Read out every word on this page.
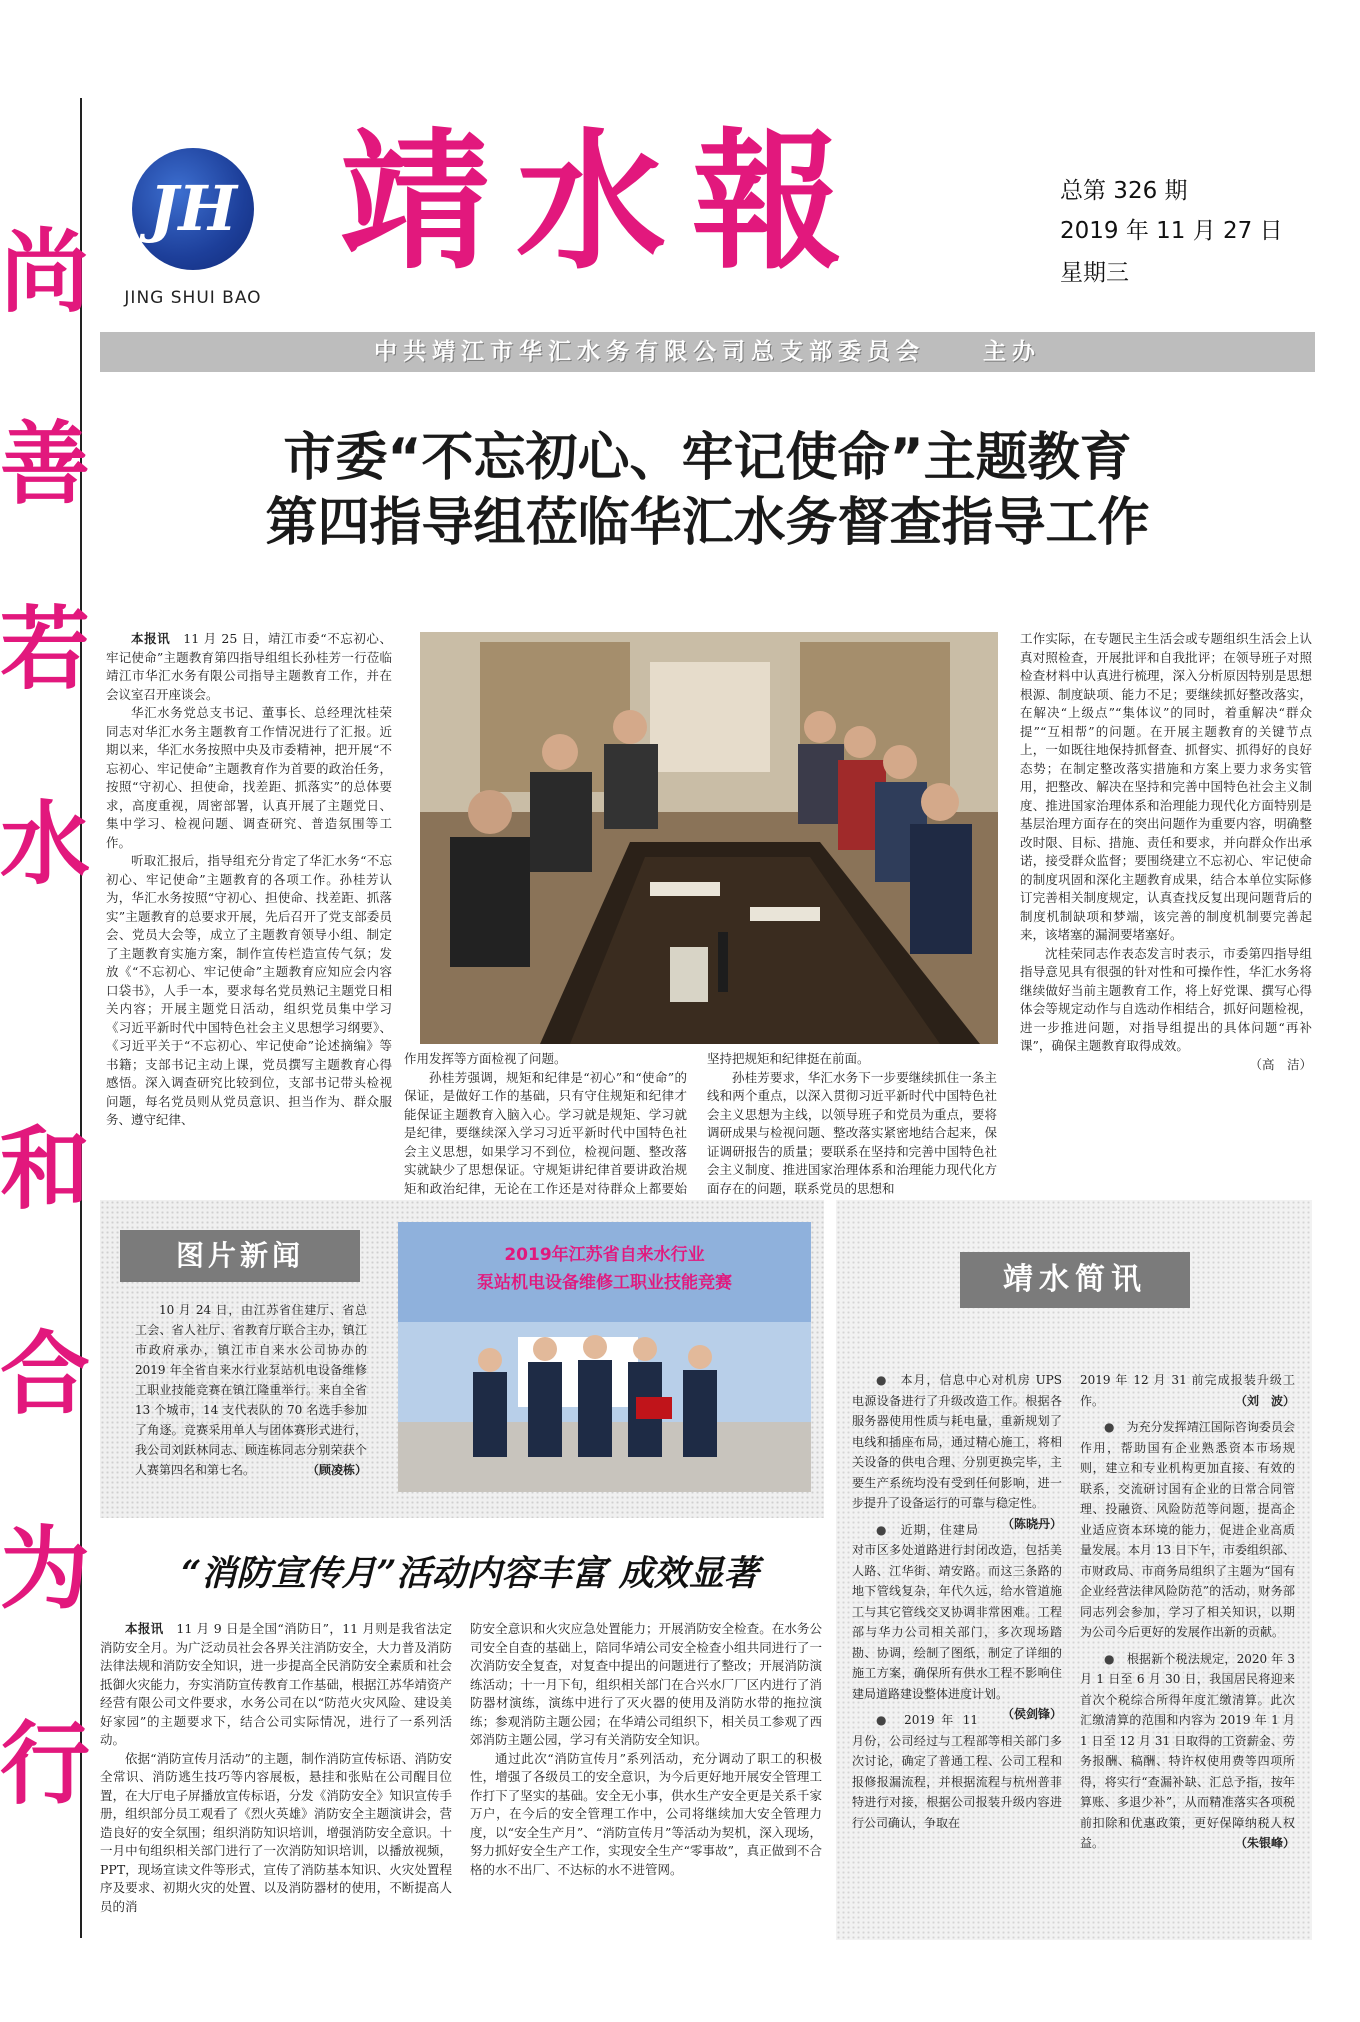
尚
善
若
水
和
合
为
行
JH
JING SHUI BAO
靖水報	总第 326 期
2019 年 11 月 27 日
星期三
中共靖江市华汇水务有限公司总支部委员会　　主办
市委“不忘初心、牢记使命”主题教育
第四指导组莅临华汇水务督查指导工作

本报讯　 11 月 25 日，靖江市委“不忘初心、牢记使命”主题教育第四指导组组长孙桂芳一行莅临靖江市华汇水务有限公司指导主题教育工作，并在会议室召开座谈会。

华汇水务党总支书记、董事长、总经理沈桂荣同志对华汇水务主题教育工作情况进行了汇报。近期以来，华汇水务按照中央及市委精神，把开展“不忘初心、牢记使命”主题教育作为首要的政治任务，按照“守初心、担使命，找差距、抓落实”的总体要求，高度重视，周密部署，认真开展了主题党日、集中学习、检视问题、调查研究、普造氛围等工作。

听取汇报后，指导组充分肯定了华汇水务“不忘初心、牢记使命”主题教育的各项工作。孙桂芳认为，华汇水务按照“守初心、担使命、找差距、抓落实”主题教育的总要求开展，先后召开了党支部委员会、党员大会等，成立了主题教育领导小组、制定了主题教育实施方案，制作宣传栏造宣传气氛；发放《“不忘初心、牢记使命”主题教育应知应会内容口袋书》，人手一本，要求每名党员熟记主题党日相关内容；开展主题党日活动，组织党员集中学习《习近平新时代中国特色社会主义思想学习纲要》、《习近平关于“不忘初心、牢记使命”论述摘编》等书籍；支部书记主动上课，党员撰写主题教育心得感悟。深入调查研究比较到位，支部书记带头检视问题，每名党员则从党员意识、担当作为、群众服务、遵守纪律、

作用发挥等方面检视了问题。

孙桂芳强调，规矩和纪律是“初心”和“使命”的保证，是做好工作的基础，只有守住规矩和纪律才能保证主题教育入脑入心。学习就是规矩、学习就是纪律，要继续深入学习习近平新时代中国特色社会主义思想，如果学习不到位，检视问题、整改落实就缺少了思想保证。守规矩讲纪律首要讲政治规矩和政治纪律，无论在工作还是对待群众上都要始

坚持把规矩和纪律挺在前面。

孙桂芳要求，华汇水务下一步要继续抓住一条主线和两个重点，以深入贯彻习近平新时代中国特色社会主义思想为主线，以领导班子和党员为重点，要将调研成果与检视问题、整改落实紧密地结合起来，保证调研报告的质量；要联系在坚持和完善中国特色社会主义制度、推进国家治理体系和治理能力现代化方面存在的问题，联系党员的思想和

工作实际，在专题民主生活会或专题组织生活会上认真对照检查，开展批评和自我批评；在领导班子对照检查材料中认真进行梳理，深入分析原因特别是思想根源、制度缺项、能力不足；要继续抓好整改落实，在解决“上级点”“集体议”的同时，着重解决“群众提”“互相帮”的问题。在开展主题教育的关键节点上，一如既往地保持抓督查、抓督实、抓得好的良好态势；在制定整改落实措施和方案上要力求务实管用，把整改、解决在坚持和完善中国特色社会主义制度、推进国家治理体系和治理能力现代化方面特别是基层治理方面存在的突出问题作为重要内容，明确整改时限、目标、措施、责任和要求，并向群众作出承诺，接受群众监督；要围绕建立不忘初心、牢记使命的制度巩固和深化主题教育成果，结合本单位实际修订完善相关制度规定，认真查找反复出现问题背后的制度机制缺项和梦端，该完善的制度机制要完善起来，该堵塞的漏洞要堵塞好。

沈桂荣同志作表态发言时表示，市委第四指导组指导意见具有很强的针对性和可操作性，华汇水务将继续做好当前主题教育工作，将上好党课、撰写心得体会等规定动作与自选动作相结合，抓好问题检视，进一步推进问题，对指导组提出的具体问题“再补课”，确保主题教育取得成效。

（高　洁）

图片新闻
10 月 24 日，由江苏省住建厅、省总工会、省人社厅、省教育厅联合主办，镇江市政府承办，镇江市自来水公司协办的 2019 年全省自来水行业泵站机电设备维修工职业技能竞赛在镇江隆重举行。来自全省 13 个城市，14 支代表队的 70 名选手参加了角逐。竞赛采用单人与团体赛形式进行，我公司刘跃林同志、顾连栋同志分别荣获个人赛第四名和第七名。	（顾凌栋）
2019年江苏省自来水行业
泵站机电设备维修工职业技能竞赛	靖水简讯

●　本月，信息中心对机房 UPS 电源设备进行了升级改造工作。根据各服务器使用性质与耗电量，重新规划了电线和插座布局，通过精心施工，将相关设备的供电合理、分别更换完毕，主要生产系统均没有受到任何影响，进一步提升了设备运行的可靠与稳定性。
（陈晓丹）

●　近期，住建局对市区多处道路进行封闭改造，包括美人路、江华街、靖安路。而这三条路的地下管线复杂，年代久远，给水管道施工与其它管线交叉协调非常困难。工程部与华力公司相关部门，多次现场踏勘、协调，绘制了图纸，制定了详细的施工方案，确保所有供水工程不影响住建局道路建设整体进度计划。
（侯剑锋）

●　2019 年 11 月份，公司经过与工程部等相关部门多次讨论，确定了普通工程、公司工程和报修报漏流程，并根据流程与杭州普菲特进行对接，根据公司报装升级内容进行公司确认，争取在

2019 年 12 月 31 前完成报装升级工作。	（刘　波）

●　为充分发挥靖江国际咨询委员会作用，帮助国有企业熟悉资本市场规则，建立和专业机构更加直接、有效的联系，交流研讨国有企业的日常合同管理、投融资、风险防范等问题，提高企业适应资本环境的能力，促进企业高质量发展。本月 13 日下午，市委组织部、市财政局、市商务局组织了主题为“国有企业经营法律风险防范”的活动，财务部同志列会参加，学习了相关知识，以期为公司今后更好的发展作出新的贡献。

●　根据新个税法规定，2020 年 3 月 1 日至 6 月 30 日，我国居民将迎来首次个税综合所得年度汇缴清算。此次汇缴清算的范围和内容为 2019 年 1 月 1 日至 12 月 31 日取得的工资薪金、劳务报酬、稿酬、特许权使用费等四项所得，将实行“查漏补缺、汇总予指，按年算账、多退少补”，从而精准落实各项税前扣除和优惠政策，更好保障纳税人权益。	（朱银峰）

“消防宣传月”活动内容丰富 成效显著

本报讯　 11 月 9 日是全国“消防日”，11 月则是我省法定消防安全月。为广泛动员社会各界关注消防安全，大力普及消防法律法规和消防安全知识，进一步提高全民消防安全素质和社会抵御火灾能力，夯实消防宣传教育工作基础，根据江苏华靖资产经营有限公司文件要求，水务公司在以“防范火灾风险、建设美好家园”的主题要求下，结合公司实际情况，进行了一系列活动。

依据“消防宣传月活动”的主题，制作消防宣传标语、消防安全常识、消防逃生技巧等内容展板，悬挂和张贴在公司醒目位置，在大厅电子屏播放宣传标语，分发《消防安全》知识宣传手册，组织部分员工观看了《烈火英雄》消防安全主题演讲会，营造良好的安全氛围；组织消防知识培训，增强消防安全意识。十一月中旬组织相关部门进行了一次消防知识培训，以播放视频，PPT，现场宣读文件等形式，宣传了消防基本知识、火灾处置程序及要求、初期火灾的处置、以及消防器材的使用，不断提高人员的消

防安全意识和火灾应急处置能力；开展消防安全检查。在水务公司安全自查的基础上，陪同华靖公司安全检查小组共同进行了一次消防安全复查，对复查中提出的问题进行了整改；开展消防演练活动；十一月下旬，组织相关部门在合兴水厂厂区内进行了消防器材演练，演练中进行了灭火器的使用及消防水带的拖拉演练；参观消防主题公园；在华靖公司组织下，相关员工参观了西郊消防主题公园，学习有关消防安全知识。

通过此次“消防宣传月”系列活动，充分调动了职工的积极性，增强了各级员工的安全意识，为今后更好地开展安全管理工作打下了坚实的基础。安全无小事，供水生产安全更是关系千家万户，在今后的安全管理工作中，公司将继续加大安全管理力度，以“安全生产月”、“消防宣传月”等活动为契机，深入现场，努力抓好安全生产工作，实现安全生产“零事故”，真正做到不合格的水不出厂、不达标的水不进管网。
